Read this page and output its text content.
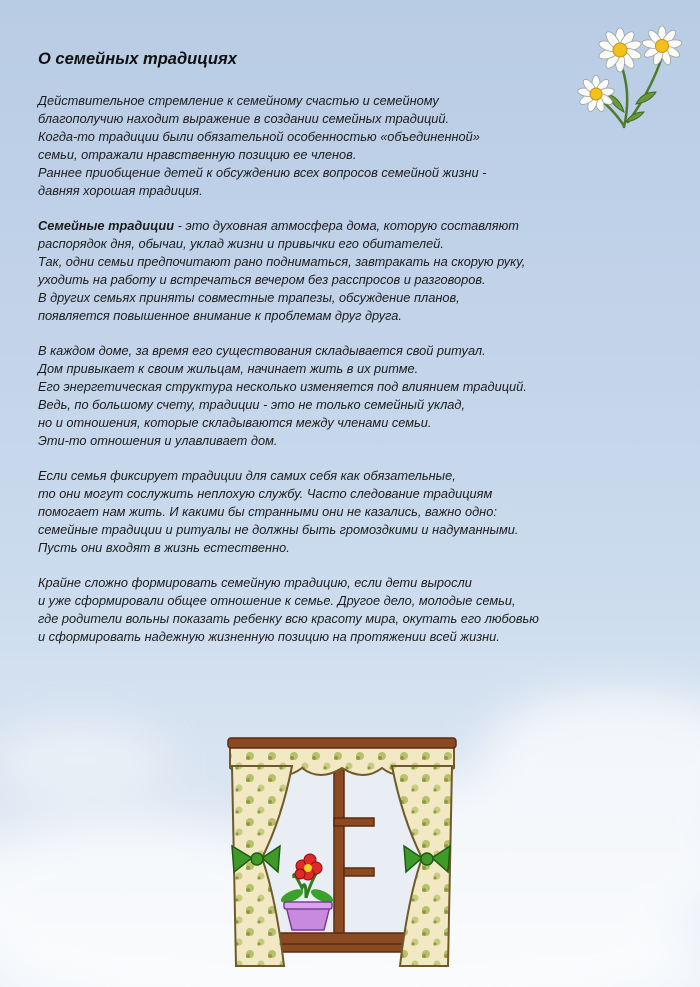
О семейных традициях

Действительное стремление к семейному счастью и семейному
благополучию находит выражение в создании семейных традиций.
Когда-то традиции были обязательной особенностью «объединенной»
семьи, отражали нравственную позицию ее членов.
Раннее приобщение детей к обсуждению всех вопросов семейной жизни -
давняя хорошая традиция.

Семейные традиции - это духовная атмосфера дома, которую составляют
распорядок дня, обычаи, уклад жизни и привычки его обитателей.
Так, одни семьи предпочитают рано подниматься, завтракать на скорую руку,
уходить на работу и встречаться вечером без расспросов и разговоров.
В других семьях приняты совместные трапезы, обсуждение планов,
появляется повышенное внимание к проблемам друг друга.

В каждом доме, за время его существования складывается свой ритуал.
Дом привыкает к своим жильцам, начинает жить в их ритме.
Его энергетическая структура несколько изменяется под влиянием традиций.
Ведь, по большому счету, традиции - это не только семейный уклад,
но и отношения, которые складываются между членами семьи.
Эти-то отношения и улавливает дом.

Если семья фиксирует традиции для самих себя как обязательные,
то они могут сослужить неплохую службу. Часто следование традициям
помогает нам жить. И какими бы странными они не казались, важно одно:
семейные традиции и ритуалы не должны быть громоздкими и надуманными.
Пусть они входят в жизнь естественно.

Крайне сложно формировать семейную традицию, если дети выросли
и уже сформировали общее отношение к семье. Другое дело, молодые семьи,
где родители вольны показать ребенку всю красоту мира, окутать его любовью
и сформировать надежную жизненную позицию на протяжении всей жизни.
